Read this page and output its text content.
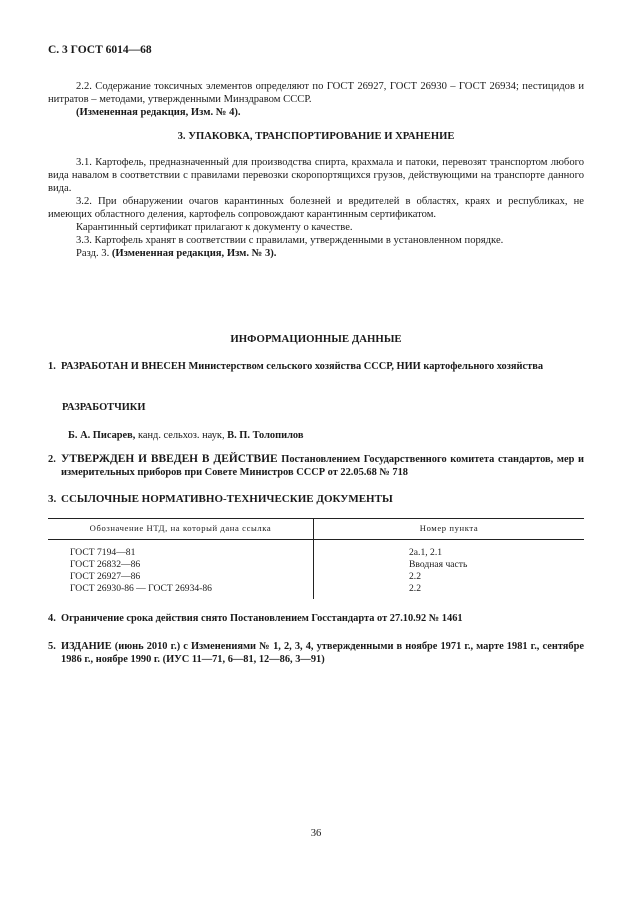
С. 3 ГОСТ 6014—68

2.2. Содержание токсичных элементов определяют по ГОСТ 26927, ГОСТ 26930 – ГОСТ 26934; пестицидов и нитратов – методами, утвержденными Минздравом СССР.

(Измененная редакция, Изм. № 4).

3. УПАКОВКА, ТРАНСПОРТИРОВАНИЕ И ХРАНЕНИЕ

3.1. Картофель, предназначенный для производства спирта, крахмала и патоки, перевозят транспортом любого вида навалом в соответствии с правилами перевозки скоропортящихся грузов, действующими на транспорте данного вида.

3.2. При обнаружении очагов карантинных болезней и вредителей в областях, краях и республиках, не имеющих областного деления, картофель сопровождают карантинным сертификатом.

Карантинный сертификат прилагают к документу о качестве.

3.3. Картофель хранят в соответствии с правилами, утвержденными в установленном порядке.

Разд. 3. (Измененная редакция, Изм. № 3).

ИНФОРМАЦИОННЫЕ ДАННЫЕ
1. РАЗРАБОТАН И ВНЕСЕН Министерством сельского хозяйства СССР, НИИ картофельного хозяйства
РАЗРАБОТЧИКИ
Б. А. Писарев, канд. сельхоз. наук, В. П. Толопилов
2. УТВЕРЖДЕН И ВВЕДЕН В ДЕЙСТВИЕ Постановлением Государственного комитета стандартов, мер и измерительных приборов при Совете Министров СССР от 22.05.68 № 718
3. ССЫЛОЧНЫЕ НОРМАТИВНО-ТЕХНИЧЕСКИЕ ДОКУМЕНТЫ
Обозначение НТД, на который дана ссылка	Номер пункта
ГОСТ 7194—81	2а.1, 2.1
ГОСТ 26832—86	Вводная часть
ГОСТ 26927—86	2.2
ГОСТ 26930-86 — ГОСТ 26934-86	2.2
4. Ограничение срока действия снято Постановлением Госстандарта от 27.10.92 № 1461
5. ИЗДАНИЕ (июнь 2010 г.) с Изменениями № 1, 2, 3, 4, утвержденными в ноябре 1971 г., марте 1981 г., сентябре 1986 г., ноябре 1990 г. (ИУС 11—71, 6—81, 12—86, 3—91)
36
